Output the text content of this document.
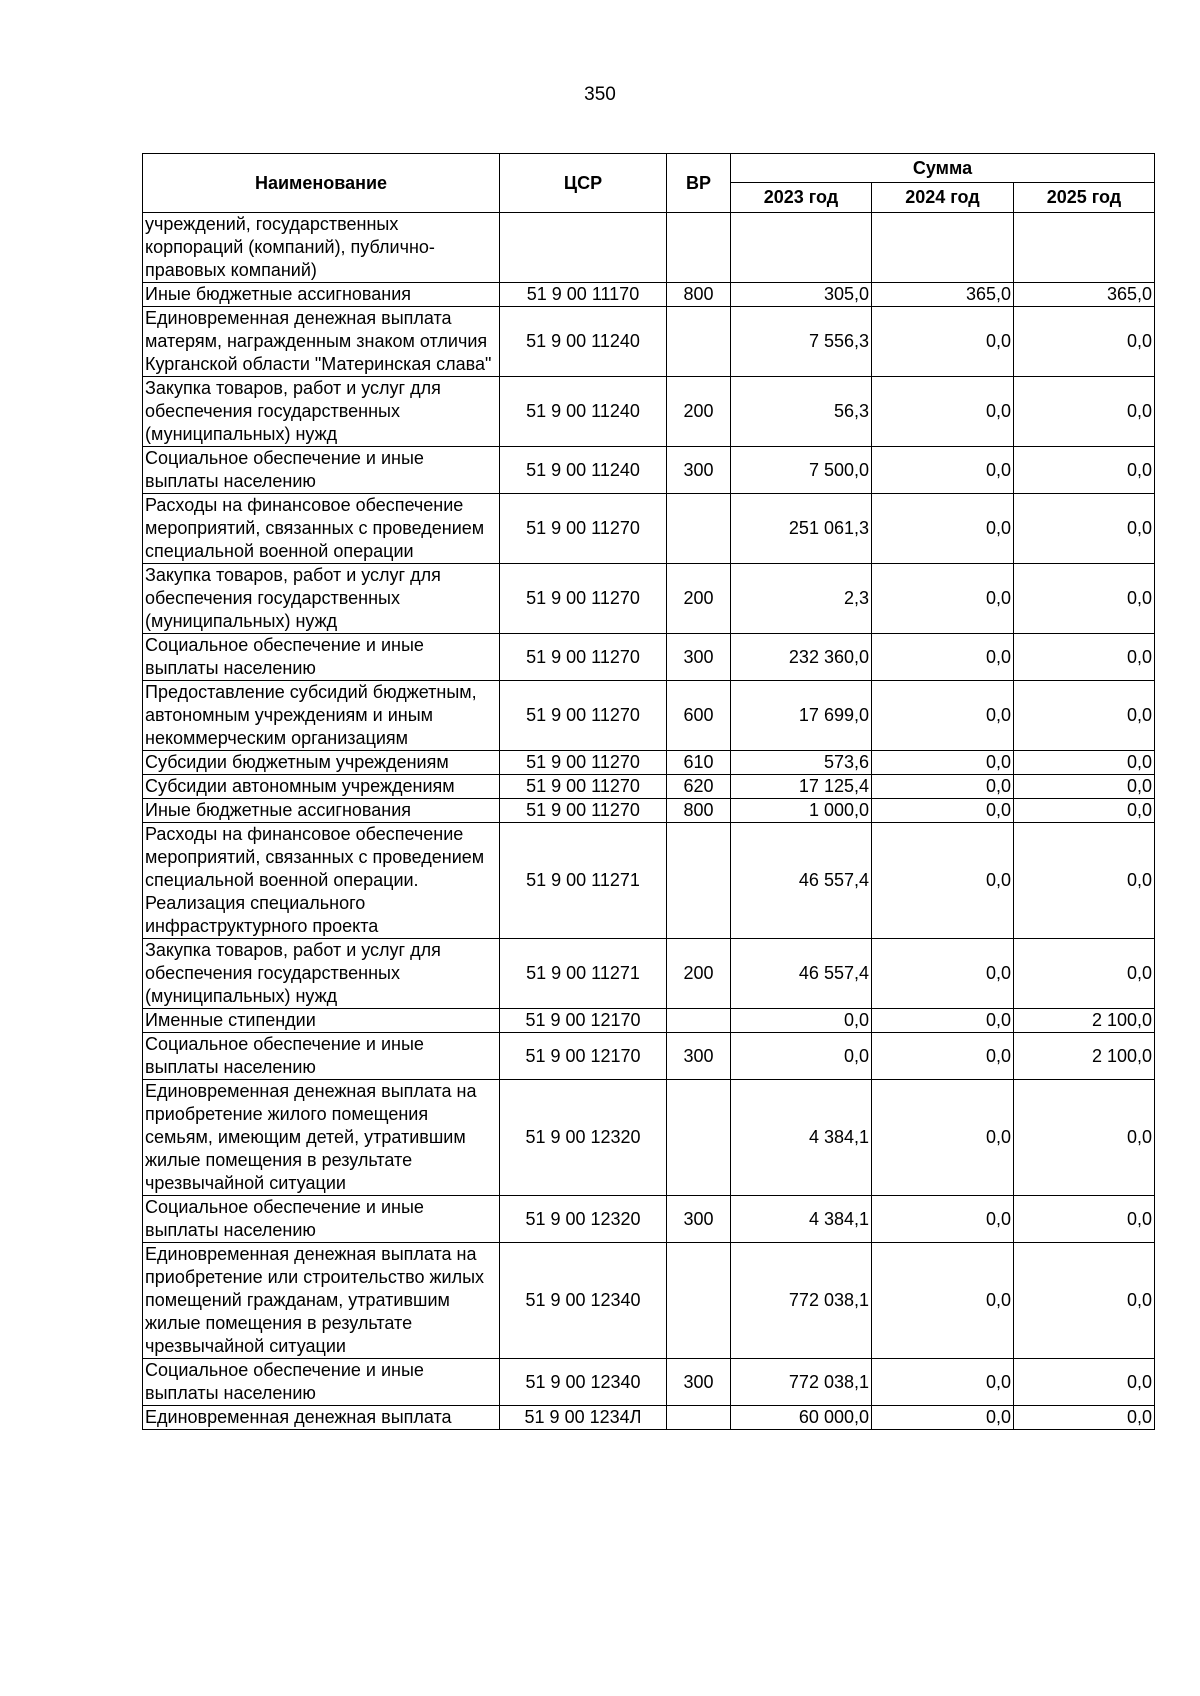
350
Наименование	ЦСР	ВР	Сумма		
			2023 год	2024 год	2025 год
учреждений, государственных корпораций (компаний), публично-правовых компаний)					
Иные бюджетные ассигнования	51 9 00 11170	800	305,0	365,0	365,0
Единовременная денежная выплата матерям, награжденным знаком отличия Курганской области "Материнская слава"	51 9 00 11240		7 556,3	0,0	0,0
Закупка товаров, работ и услуг для обеспечения государственных (муниципальных) нужд	51 9 00 11240	200	56,3	0,0	0,0
Социальное обеспечение и иные выплаты населению	51 9 00 11240	300	7 500,0	0,0	0,0
Расходы на финансовое обеспечение мероприятий, связанных с проведением специальной военной операции	51 9 00 11270		251 061,3	0,0	0,0
Закупка товаров, работ и услуг для обеспечения государственных (муниципальных) нужд	51 9 00 11270	200	2,3	0,0	0,0
Социальное обеспечение и иные выплаты населению	51 9 00 11270	300	232 360,0	0,0	0,0
Предоставление субсидий бюджетным, автономным учреждениям и иным некоммерческим организациям	51 9 00 11270	600	17 699,0	0,0	0,0
Субсидии бюджетным учреждениям	51 9 00 11270	610	573,6	0,0	0,0
Субсидии автономным учреждениям	51 9 00 11270	620	17 125,4	0,0	0,0
Иные бюджетные ассигнования	51 9 00 11270	800	1 000,0	0,0	0,0
Расходы на финансовое обеспечение мероприятий, связанных с проведением специальной военной операции. Реализация специального инфраструктурного проекта	51 9 00 11271		46 557,4	0,0	0,0
Закупка товаров, работ и услуг для обеспечения государственных (муниципальных) нужд	51 9 00 11271	200	46 557,4	0,0	0,0
Именные стипендии	51 9 00 12170		0,0	0,0	2 100,0
Социальное обеспечение и иные выплаты населению	51 9 00 12170	300	0,0	0,0	2 100,0
Единовременная денежная выплата на приобретение жилого помещения семьям, имеющим детей, утратившим жилые помещения в результате чрезвычайной ситуации	51 9 00 12320		4 384,1	0,0	0,0
Социальное обеспечение и иные выплаты населению	51 9 00 12320	300	4 384,1	0,0	0,0
Единовременная денежная выплата на приобретение или строительство жилых помещений гражданам, утратившим жилые помещения в результате чрезвычайной ситуации	51 9 00 12340		772 038,1	0,0	0,0
Социальное обеспечение и иные выплаты населению	51 9 00 12340	300	772 038,1	0,0	0,0
Единовременная денежная выплата	51 9 00 1234Л		60 000,0	0,0	0,0
